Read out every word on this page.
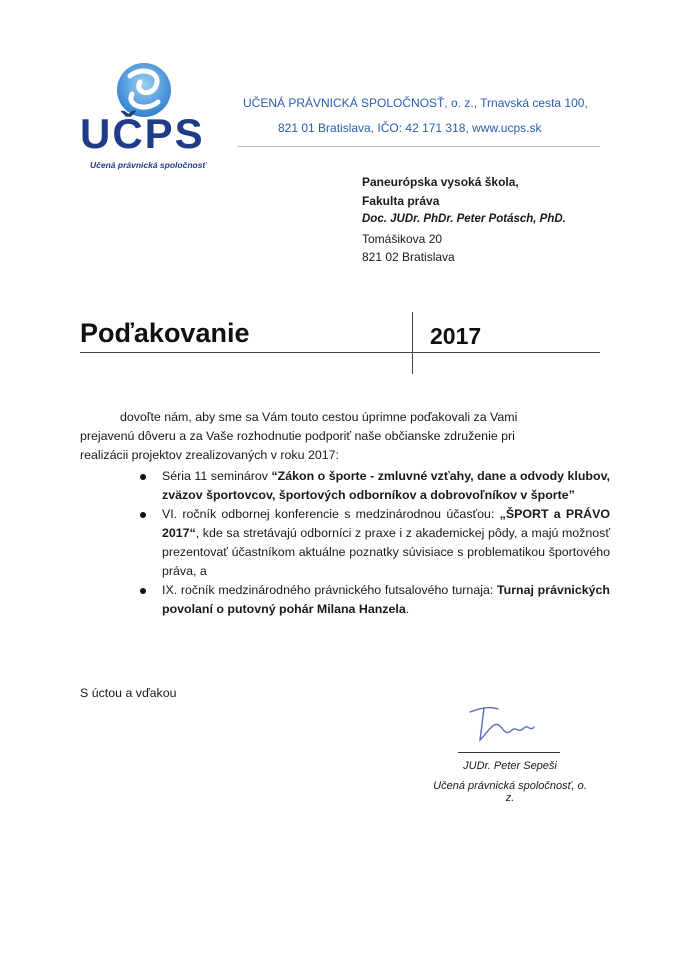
UČPS
Učená právnická spoločnosť
UČENÁ PRÁVNICKÁ SPOLOČNOSŤ, o. z., Trnavská cesta 100,
821 01 Bratislava, IČO: 42 171 318, www.ucps.sk
Paneurópska vysoká škola,
Fakulta práva
Doc. JUDr. PhDr. Peter Potásch, PhD.
Tomášikova 20
821 02 Bratislava
Poďakovanie	2017
dovoľte nám, aby sme sa Vám touto cestou úprimne poďakovali za Vami
prejavenú dôveru a za Vaše rozhodnutie podporiť naše občianske združenie pri
realizácii projektov zrealizovaných v roku 2017:
Séria 11 seminárov “Zákon o športe - zmluvné vzťahy, dane a odvody klubov, zväzov športovcov, športových odborníkov a dobrovoľníkov v športe”
VI. ročník odbornej konferencie s medzinárodnou účasťou: „ŠPORT a PRÁVO 2017“, kde sa stretávajú odborníci z praxe i z akademickej pôdy, a majú možnosť prezentovať účastníkom aktuálne poznatky súvisiace s problematikou športového práva, a
IX. ročník medzinárodného právnického futsalového turnaja: Turnaj právnických povolaní o putovný pohár Milana Hanzela.
S úctou a vďakou
JUDr. Peter Sepeši
Učená právnická spoločnosť, o. z.
